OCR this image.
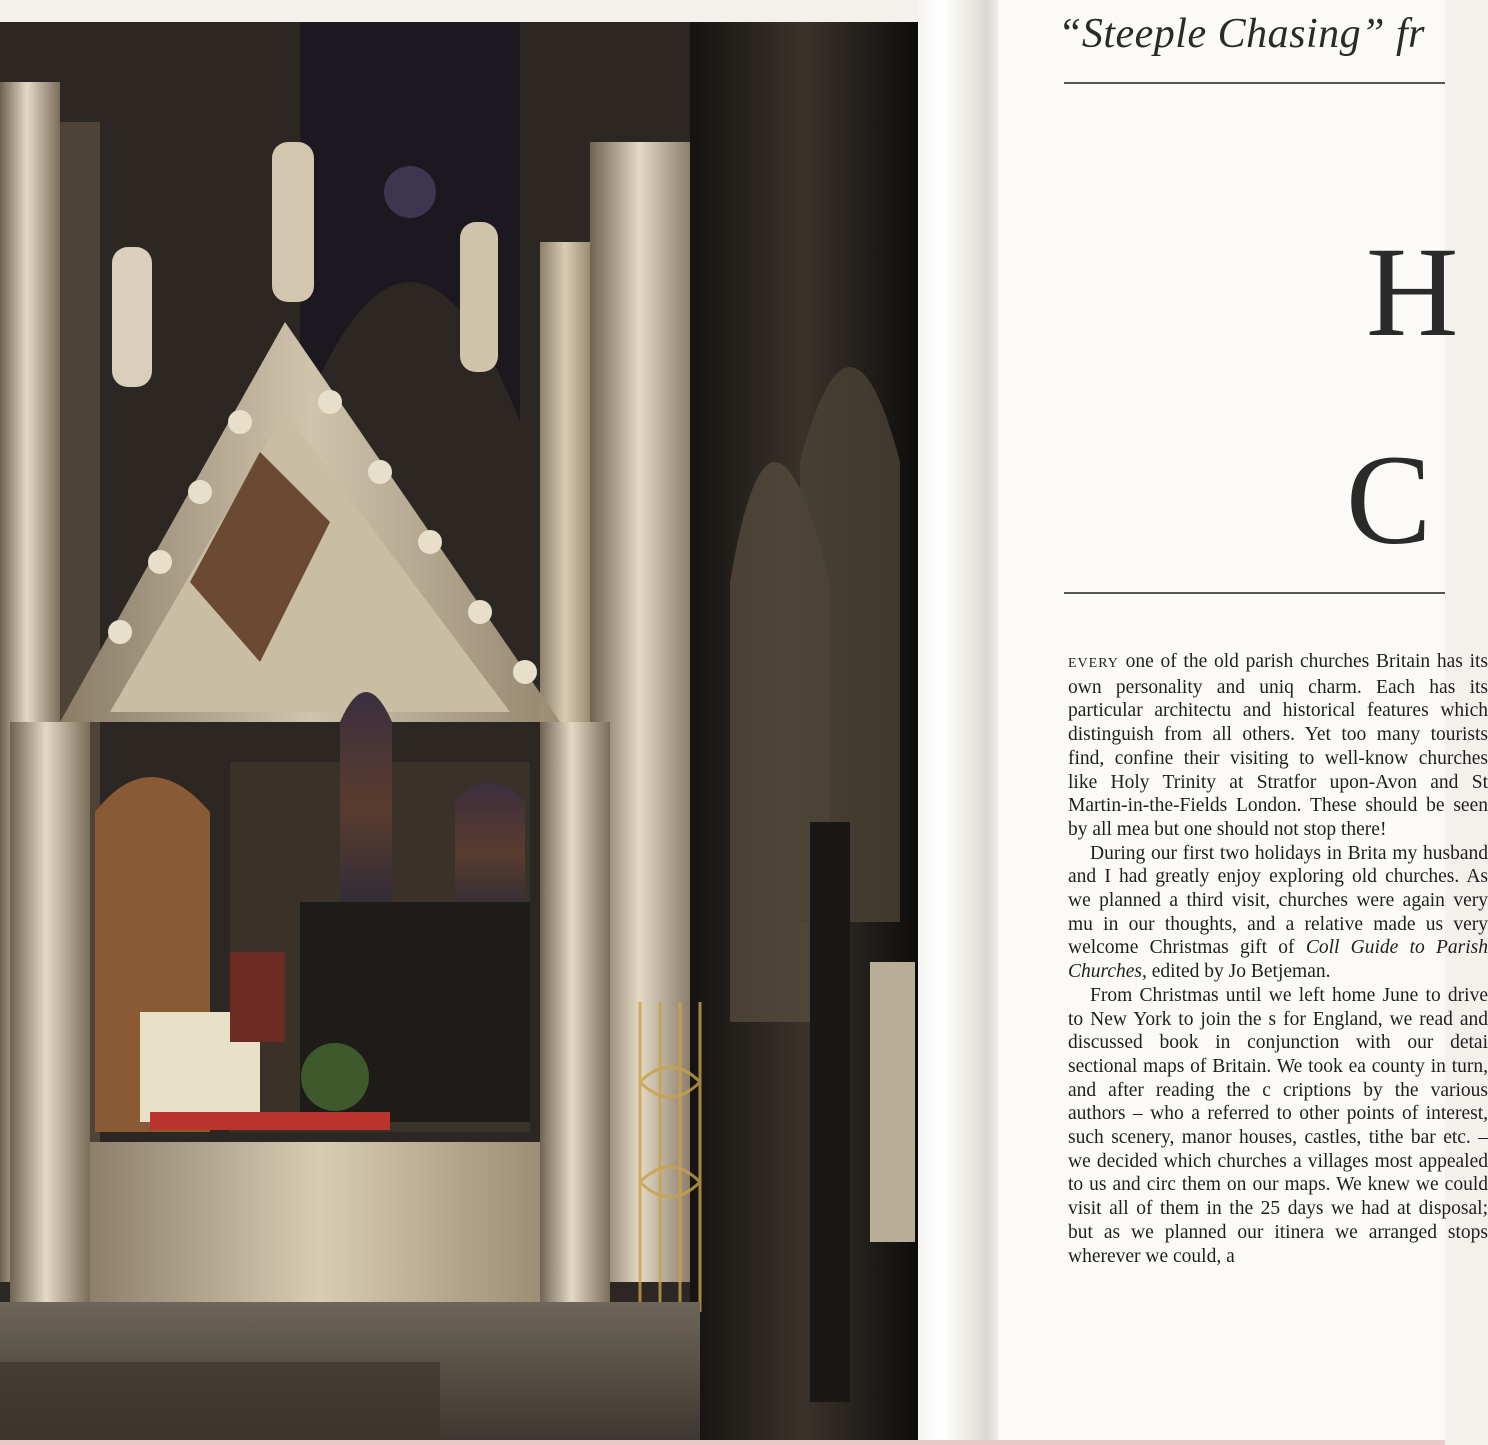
“Steeple Chasing” fr
H
C

EVERY one of the old parish churches Britain has its own personality and uniq charm. Each has its particular architectu and historical features which distinguish from all others. Yet too many tourists find, confine their visiting to well-know churches like Holy Trinity at Stratfor upon-Avon and St Martin-in-the-Fields London. These should be seen by all mea but one should not stop there!

During our first two holidays in Brita my husband and I had greatly enjoy exploring old churches. As we planned a third visit, churches were again very mu in our thoughts, and a relative made us very welcome Christmas gift of Coll Guide to Parish Churches, edited by Jo Betjeman.

From Christmas until we left home June to drive to New York to join the s for England, we read and discussed book in conjunction with our detai sectional maps of Britain. We took ea county in turn, and after reading the c criptions by the various authors – who a referred to other points of interest, such scenery, manor houses, castles, tithe bar etc. – we decided which churches a villages most appealed to us and circ them on our maps. We knew we could visit all of them in the 25 days we had at disposal; but as we planned our itinera we arranged stops wherever we could, a
